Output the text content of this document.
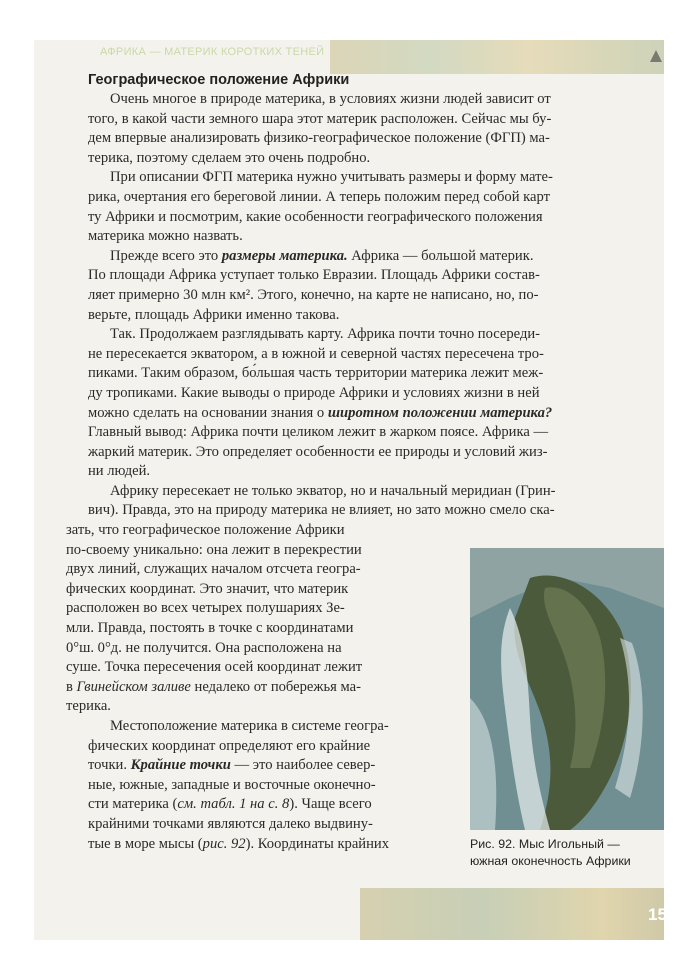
АФРИКА — МАТЕРИК КОРОТКИХ ТЕНЕЙ
15
Географическое положение Африки

Очень многое в природе материка, в условиях жизни людей зависит от
того, в какой части земного шара этот материк расположен. Сейчас мы бу-
дем впервые анализировать физико-географическое положение (ФГП) ма-
терика, поэтому сделаем это очень подробно.

При описании ФГП материка нужно учитывать размеры и форму мате-
рика, очертания его береговой линии. А теперь положим перед собой карт
ту Африки и посмотрим, какие особенности географического положения
материка можно назвать.

Прежде всего это размеры материка. Африка — большой материк.
По площади Африка уступает только Евразии. Площадь Африки состав-
ляет примерно 30 млн км². Этого, конечно, на карте не написано, но, по-
верьте, площадь Африки именно такова.

Так. Продолжаем разглядывать карту. Африка почти точно посереди-
не пересекается экватором, а в южной и северной частях пересечена тро-
пиками. Таким образом, бо́льшая часть территории материка лежит меж-
ду тропиками. Какие выводы о природе Африки и условиях жизни в ней
можно сделать на основании знания о широтном положении материка?
Главный вывод: Африка почти целиком лежит в жарком поясе. Африка —
жаркий материк. Это определяет особенности ее природы и условий жиз-
ни людей.

Африку пересекает не только экватор, но и начальный меридиан (Грин-
вич). Правда, это на природу материка не влияет, но зато можно смело ска-

зать, что географическое положение Африки
по-своему уникально: она лежит в перекрестии
двух линий, служащих началом отсчета геогра-
фических координат. Это значит, что материк
расположен во всех четырех полушариях Зе-
мли. Правда, постоять в точке с координатами
0°ш. 0°д. не получится. Она расположена на
суше. Точка пересечения осей координат лежит
в Гвинейском заливе недалеко от побережья ма-
терика.

Местоположение материка в системе геогра-
фических координат определяют его крайние
точки. Крайние точки — это наиболее север-
ные, южные, западные и восточные оконечно-
сти материка (см. табл. 1 на с. 8). Чаще всего
крайними точками являются далеко выдвину-
тые в море мысы (рис. 92). Координаты крайних	Рис. 92. Мыс Игольный —
южная оконечность Африки
